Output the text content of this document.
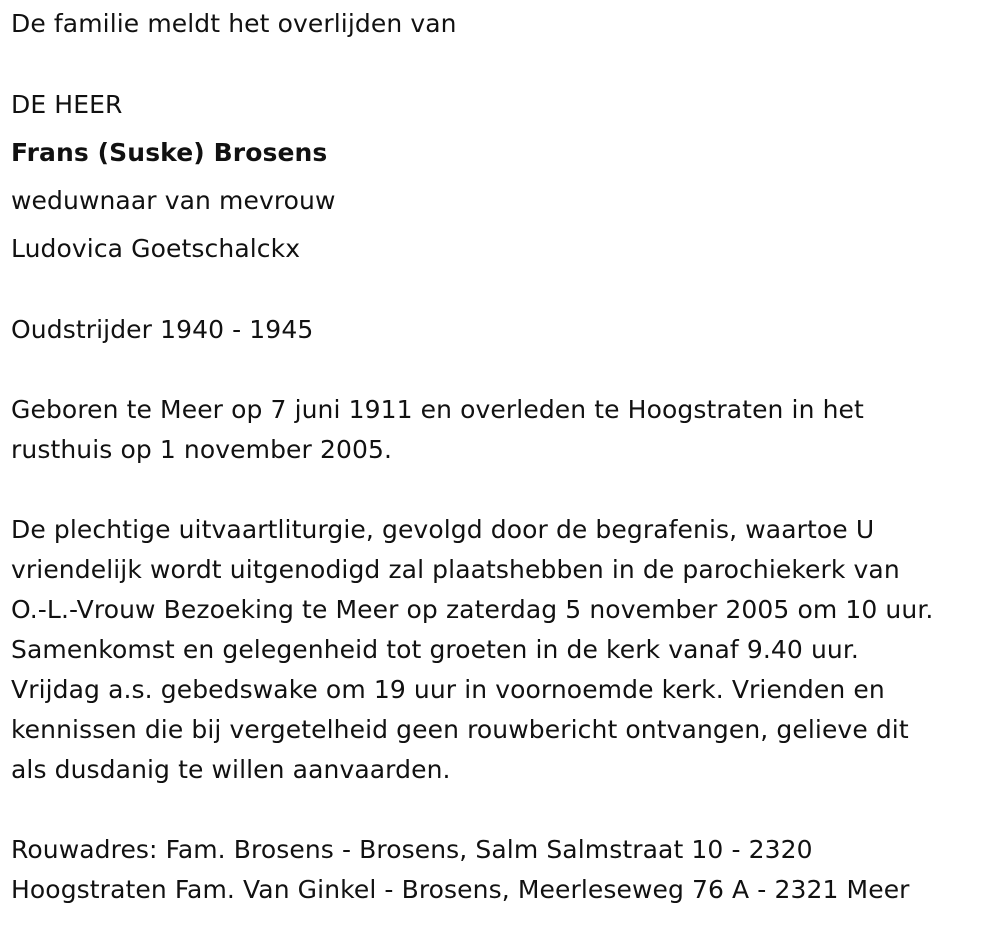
De familie meldt het overlijden van
DE HEER
Frans (Suske) Brosens
weduwnaar van mevrouw
Ludovica Goetschalckx
Oudstrijder 1940 - 1945
Geboren te Meer op 7 juni 1911 en overleden te Hoogstraten in het
rusthuis op 1 november 2005.
De plechtige uitvaartliturgie, gevolgd door de begrafenis, waartoe U
vriendelijk wordt uitgenodigd zal plaatshebben in de parochiekerk van
O.-L.-Vrouw Bezoeking te Meer op zaterdag 5 november 2005 om 10 uur.
Samenkomst en gelegenheid tot groeten in de kerk vanaf 9.40 uur.
Vrijdag a.s. gebedswake om 19 uur in voornoemde kerk. Vrienden en
kennissen die bij vergetelheid geen rouwbericht ontvangen, gelieve dit
als dusdanig te willen aanvaarden.
Rouwadres: Fam. Brosens - Brosens, Salm Salmstraat 10 - 2320
Hoogstraten Fam. Van Ginkel - Brosens, Meerleseweg 76 A - 2321 Meer
